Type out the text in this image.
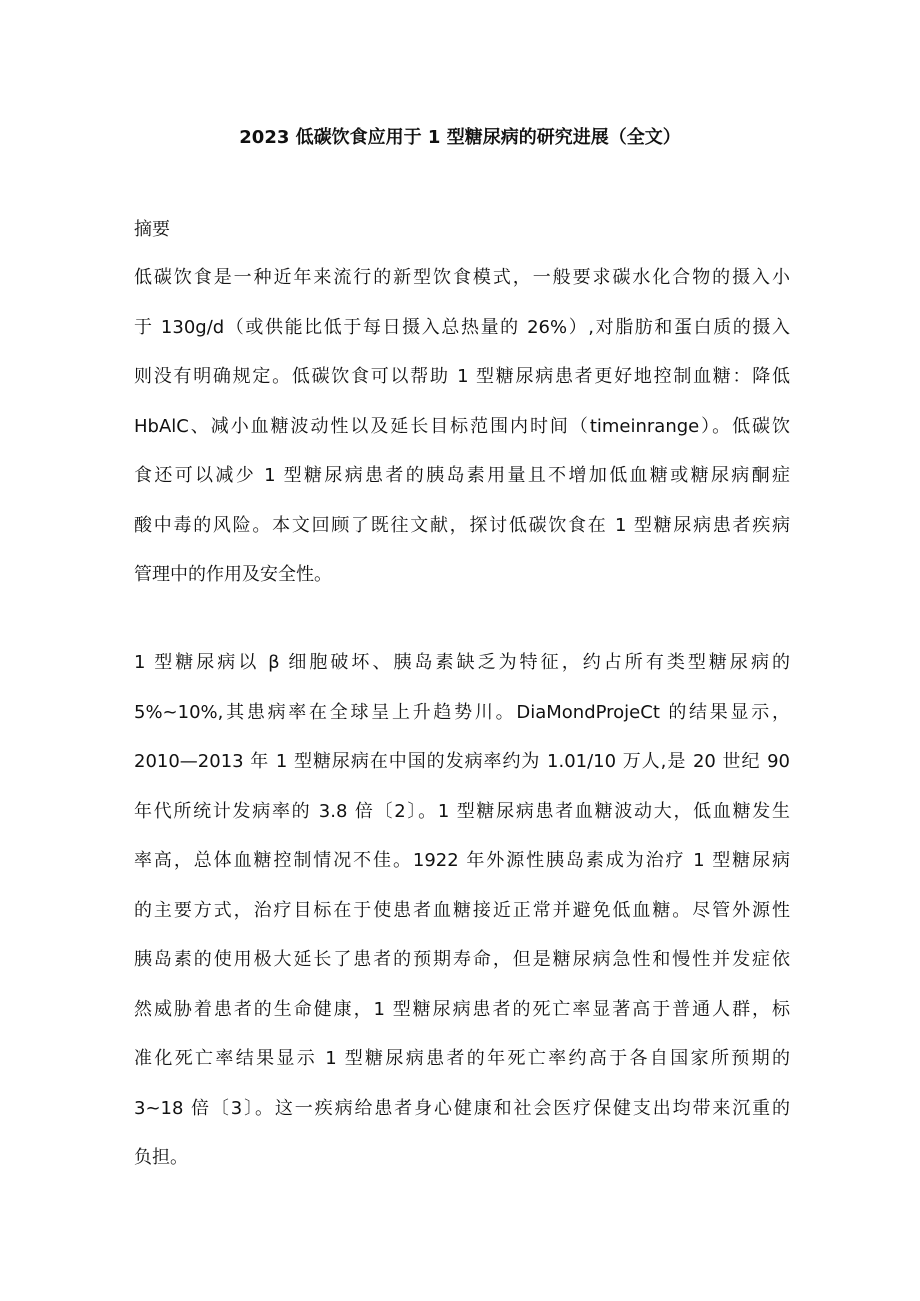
2023 低碳饮食应用于 1 型糖尿病的研究进展（全文）
摘要
低碳饮食是一种近年来流行的新型饮食模式，一般要求碳水化合物的摄入小
于 130g∕d（或供能比低于每日摄入总热量的 26%）,对脂肪和蛋白质的摄入
则没有明确规定。低碳饮食可以帮助 1 型糖尿病患者更好地控制血糖：降低
HbAlC、减小血糖波动性以及延长目标范围内时间（timeinrange）。低碳饮
食还可以减少 1 型糖尿病患者的胰岛素用量且不增加低血糖或糖尿病酮症
酸中毒的风险。本文回顾了既往文献，探讨低碳饮食在 1 型糖尿病患者疾病
管理中的作用及安全性。
1 型糖尿病以 β 细胞破坏、胰岛素缺乏为特征，约占所有类型糖尿病的
5%~10%,其患病率在全球呈上升趋势川。DiaMondProjeCt 的结果显示，
2010—2013 年 1 型糖尿病在中国的发病率约为 1.01/10 万人,是 20 世纪 90
年代所统计发病率的 3.8 倍〔2〕。1 型糖尿病患者血糖波动大，低血糖发生
率高，总体血糖控制情况不佳。1922 年外源性胰岛素成为治疗 1 型糖尿病
的主要方式，治疗目标在于使患者血糖接近正常并避免低血糖。尽管外源性
胰岛素的使用极大延长了患者的预期寿命，但是糖尿病急性和慢性并发症依
然威胁着患者的生命健康，1 型糖尿病患者的死亡率显著高于普通人群，标
准化死亡率结果显示 1 型糖尿病患者的年死亡率约高于各自国家所预期的
3~18 倍〔3〕。这一疾病给患者身心健康和社会医疗保健支出均带来沉重的
负担。
